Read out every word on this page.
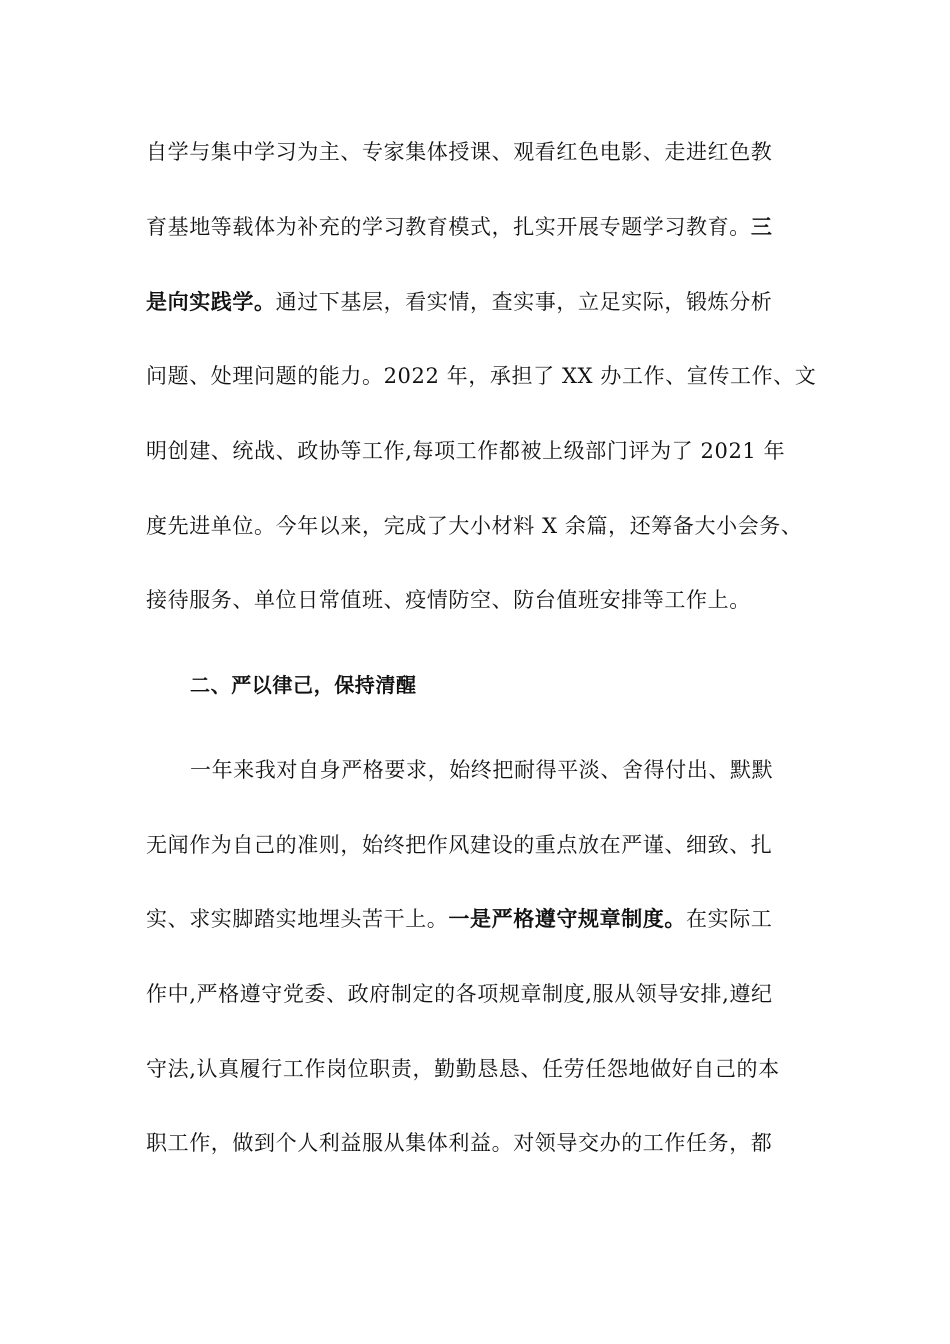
自学与集中学习为主、专家集体授课、观看红色电影、走进红色教
育基地等载体为补充的学习教育模式，扎实开展专题学习教育。三
是向实践学。通过下基层，看实情，查实事，立足实际，锻炼分析
问题、处理问题的能力。2022 年，承担了 XX 办工作、宣传工作、文
明创建、统战、政协等工作,每项工作都被上级部门评为了 2021 年
度先进单位。今年以来，完成了大小材料 X 余篇，还筹备大小会务、
接待服务、单位日常值班、疫情防空、防台值班安排等工作上。
二、严以律己，保持清醒
一年来我对自身严格要求，始终把耐得平淡、舍得付出、默默
无闻作为自己的准则，始终把作风建设的重点放在严谨、细致、扎
实、求实脚踏实地埋头苦干上。一是严格遵守规章制度。在实际工
作中,严格遵守党委、政府制定的各项规章制度,服从领导安排,遵纪
守法,认真履行工作岗位职责，勤勤恳恳、任劳任怨地做好自己的本
职工作，做到个人利益服从集体利益。对领导交办的工作任务，都
